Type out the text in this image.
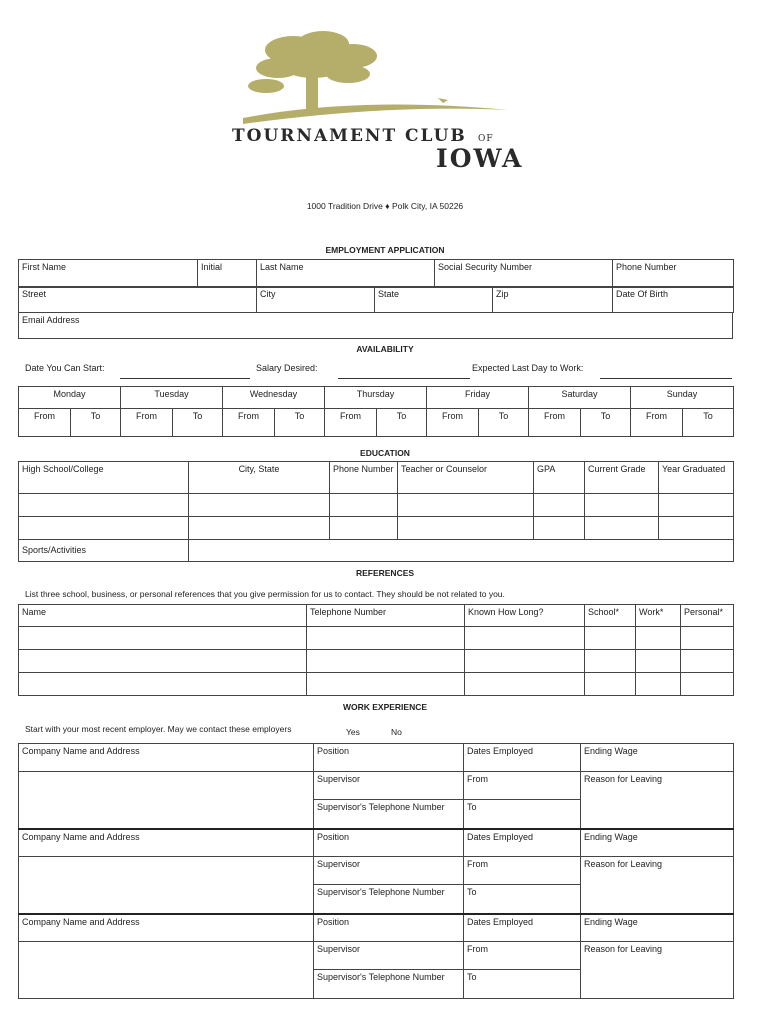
TOURNAMENT CLUB OF
IOWA
1000 Tradition Drive ♦ Polk City, IA 50226
EMPLOYMENT APPLICATION
First Name	Initial	Last Name	Social Security Number	Phone Number
Street	City	State	Zip	Date Of Birth
Email Address
AVAILABILITY
Date You Can Start:	Salary Desired:	Expected Last Day to Work:
Monday		Tuesday		Wednesday		Thursday		Friday		Saturday		Sunday	
From	To	From	To	From	To	From	To	From	To	From	To	From	To
EDUCATION
High School/College	City, State	Phone Number	Teacher or Counselor	GPA	Current Grade	Year Graduated

Sports/Activities						
REFERENCES
List three school, business, or personal references that you give permission for us to contact. They should be not related to you.
Name	Telephone Number	Known How Long?	School*	Work*	Personal*

WORK EXPERIENCE
Start with your most recent employer. May we contact these employers	Yes	No
Company Name and Address	Position	Dates Employed	Ending Wage
	Supervisor	From	Reason for Leaving
	Supervisor's Telephone Number	To	
Company Name and Address	Position	Dates Employed	Ending Wage
	Supervisor	From	Reason for Leaving
	Supervisor's Telephone Number	To	
Company Name and Address	Position	Dates Employed	Ending Wage
	Supervisor	From	Reason for Leaving
	Supervisor's Telephone Number	To	
